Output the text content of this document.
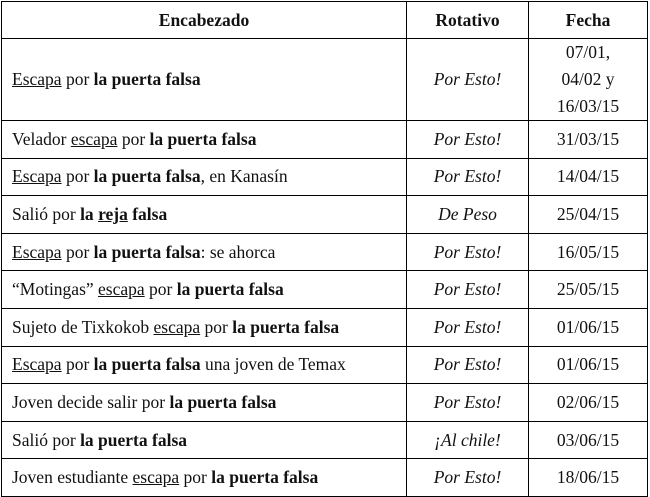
Encabezado	Rotativo	Fecha
Escapa por la puerta falsa	Por Esto!	07/01,
04/02 y
16/03/15

Velador escapa por la puerta falsa	Por Esto!	31/03/15

Escapa por la puerta falsa, en Kanasín	Por Esto!	14/04/15

Salió por la reja falsa	De Peso	25/04/15

Escapa por la puerta falsa: se ahorca	Por Esto!	16/05/15

“Motingas” escapa por la puerta falsa	Por Esto!	25/05/15

Sujeto de Tixkokob escapa por la puerta falsa	Por Esto!	01/06/15

Escapa por la puerta falsa una joven de Temax	Por Esto!	01/06/15

Joven decide salir por la puerta falsa	Por Esto!	02/06/15

Salió por la puerta falsa	¡Al chile!	03/06/15

Joven estudiante escapa por la puerta falsa	Por Esto!	18/06/15
